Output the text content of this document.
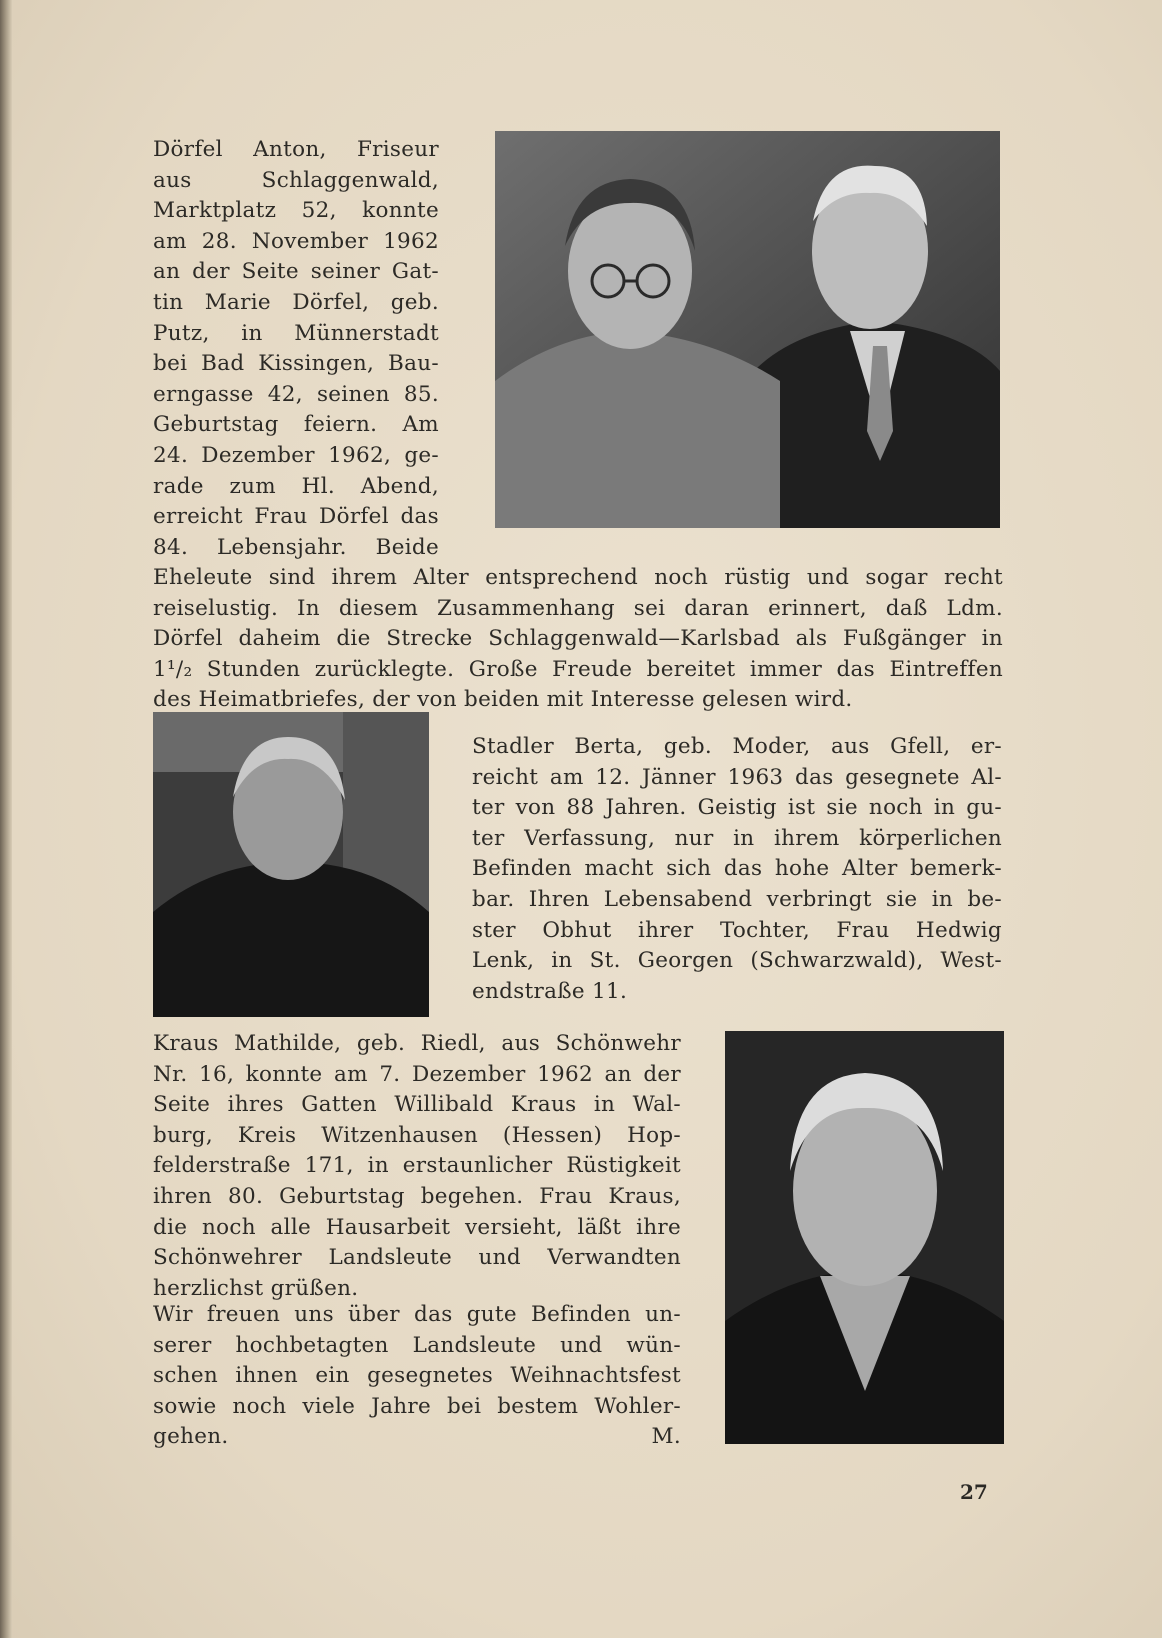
Dörfel Anton, Friseur
aus Schlaggenwald,
Marktplatz 52, konnte
am 28. November 1962
an der Seite seiner Gat-
tin Marie Dörfel, geb.
Putz, in Münnerstadt
bei Bad Kissingen, Bau-
erngasse 42, seinen 85.
Geburtstag feiern. Am
24. Dezember 1962, ge-
rade zum Hl. Abend,
erreicht Frau Dörfel das
84. Lebensjahr. Beide
Eheleute sind ihrem Alter entsprechend noch rüstig und sogar recht
reiselustig. In diesem Zusammenhang sei daran erinnert, daß Ldm.
Dörfel daheim die Strecke Schlaggenwald—Karlsbad als Fußgänger in
1¹/₂ Stunden zurücklegte. Große Freude bereitet immer das Eintreffen
des Heimatbriefes, der von beiden mit Interesse gelesen wird.
Stadler Berta, geb. Moder, aus Gfell, er-
reicht am 12. Jänner 1963 das gesegnete Al-
ter von 88 Jahren. Geistig ist sie noch in gu-
ter Verfassung, nur in ihrem körperlichen
Befinden macht sich das hohe Alter bemerk-
bar. Ihren Lebensabend verbringt sie in be-
ster Obhut ihrer Tochter, Frau Hedwig
Lenk, in St. Georgen (Schwarzwald), West-
endstraße 11.
Kraus Mathilde, geb. Riedl, aus Schönwehr
Nr. 16, konnte am 7. Dezember 1962 an der
Seite ihres Gatten Willibald Kraus in Wal-
burg, Kreis Witzenhausen (Hessen) Hop-
felderstraße 171, in erstaunlicher Rüstigkeit
ihren 80. Geburtstag begehen. Frau Kraus,
die noch alle Hausarbeit versieht, läßt ihre
Schönwehrer Landsleute und Verwandten
herzlichst grüßen.
Wir freuen uns über das gute Befinden un-
serer hochbetagten Landsleute und wün-
schen ihnen ein gesegnetes Weihnachtsfest
sowie noch viele Jahre bei bestem Wohler-
gehen.	M.
27
